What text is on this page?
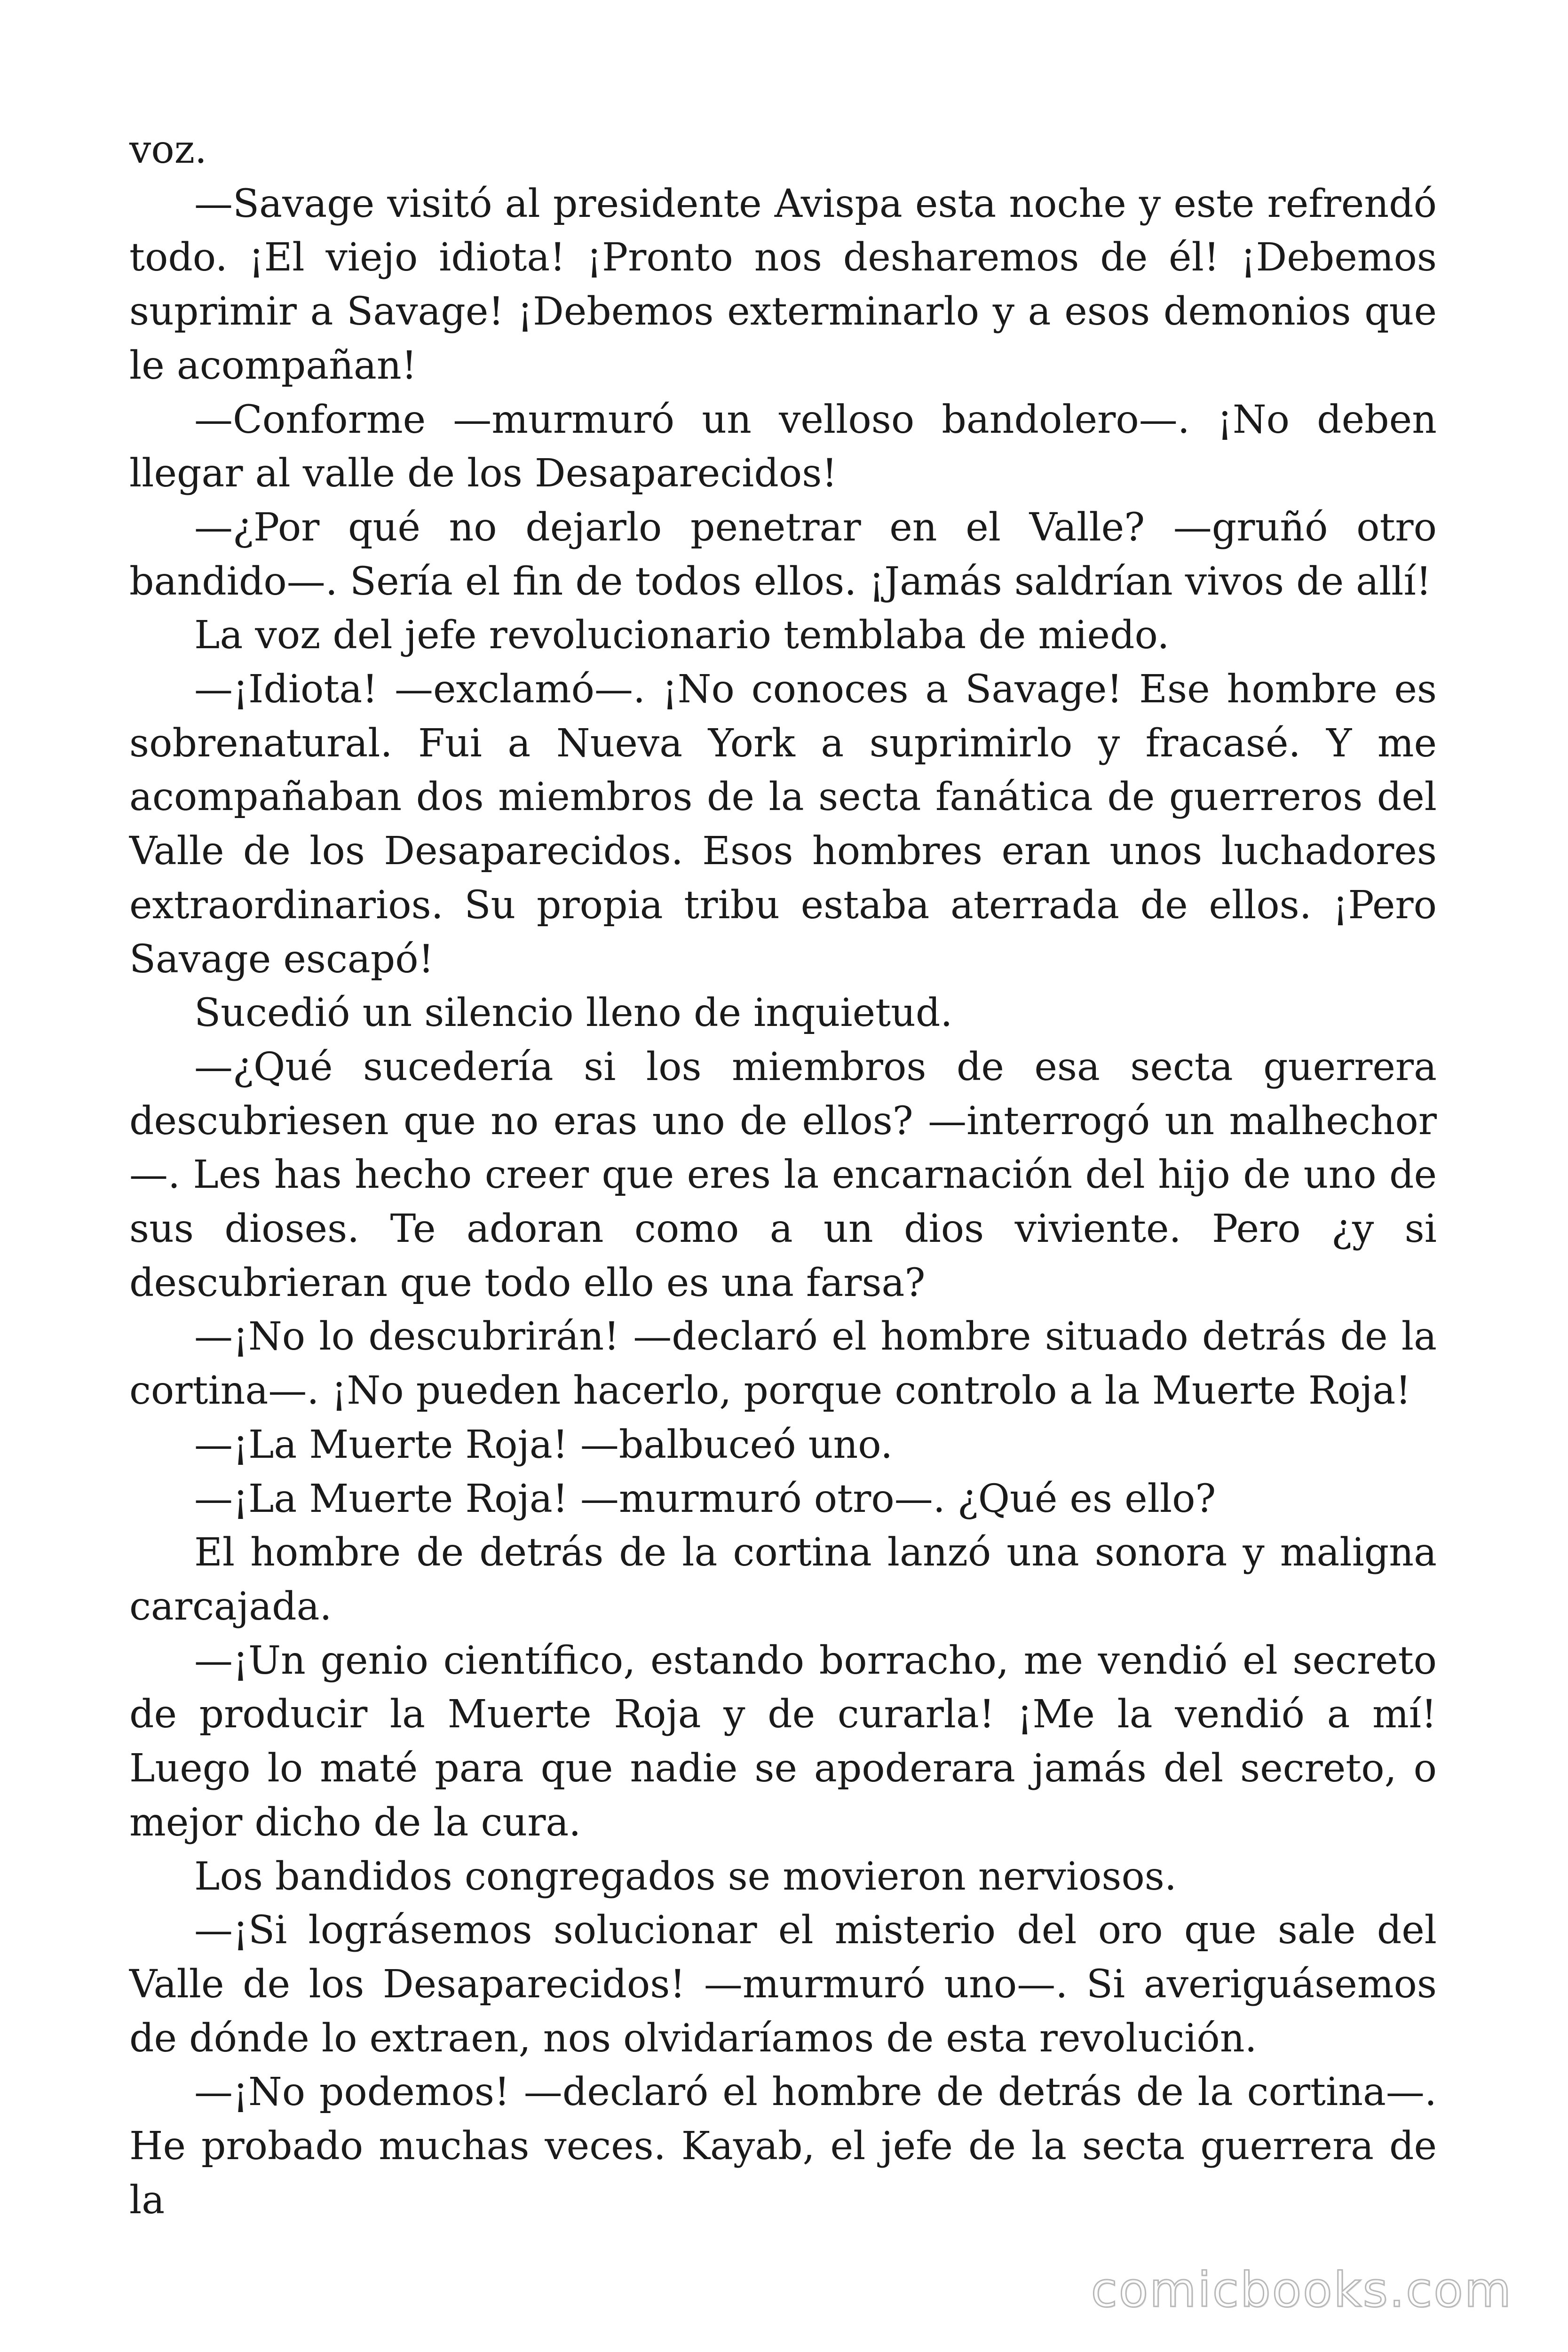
voz.

—Savage visitó al presidente Avispa esta noche y este refrendó todo. ¡El viejo idiota! ¡Pronto nos desharemos de él! ¡Debemos suprimir a Savage! ¡Debemos exterminarlo y a esos demonios que le acompañan!

—Conforme —murmuró un velloso bandolero—. ¡No deben llegar al valle de los Desaparecidos!

—¿Por qué no dejarlo penetrar en el Valle? —gruñó otro bandido—. Sería el fin de todos ellos. ¡Jamás saldrían vivos de allí!

La voz del jefe revolucionario temblaba de miedo.

—¡Idiota! —exclamó—. ¡No conoces a Savage! Ese hombre es sobrenatural. Fui a Nueva York a suprimirlo y fracasé. Y me acompañaban dos miembros de la secta fanática de guerreros del Valle de los Desaparecidos. Esos hombres eran unos luchadores extraordinarios. Su propia tribu estaba aterrada de ellos. ¡Pero Savage escapó!

Sucedió un silencio lleno de inquietud.

—¿Qué sucedería si los miembros de esa secta guerrera descubriesen que no eras uno de ellos? —interrogó un malhechor—. Les has hecho creer que eres la encarnación del hijo de uno de sus dioses. Te adoran como a un dios viviente. Pero ¿y si descubrieran que todo ello es una farsa?

—¡No lo descubrirán! —declaró el hombre situado detrás de la cortina—. ¡No pueden hacerlo, porque controlo a la Muerte Roja!

—¡La Muerte Roja! —balbuceó uno.

—¡La Muerte Roja! —murmuró otro—. ¿Qué es ello?

El hombre de detrás de la cortina lanzó una sonora y maligna carcajada.

—¡Un genio científico, estando borracho, me vendió el secreto de producir la Muerte Roja y de curarla! ¡Me la vendió a mí! Luego lo maté para que nadie se apoderara jamás del secreto, o mejor dicho de la cura.

Los bandidos congregados se movieron nerviosos.

—¡Si lográsemos solucionar el misterio del oro que sale del Valle de los Desaparecidos! —murmuró uno—. Si averiguásemos de dónde lo extraen, nos olvidaríamos de esta revolución.

—¡No podemos! —declaró el hombre de detrás de la cortina—. He probado muchas veces. Kayab, el jefe de la secta guerrera de la

comicbooks.com
